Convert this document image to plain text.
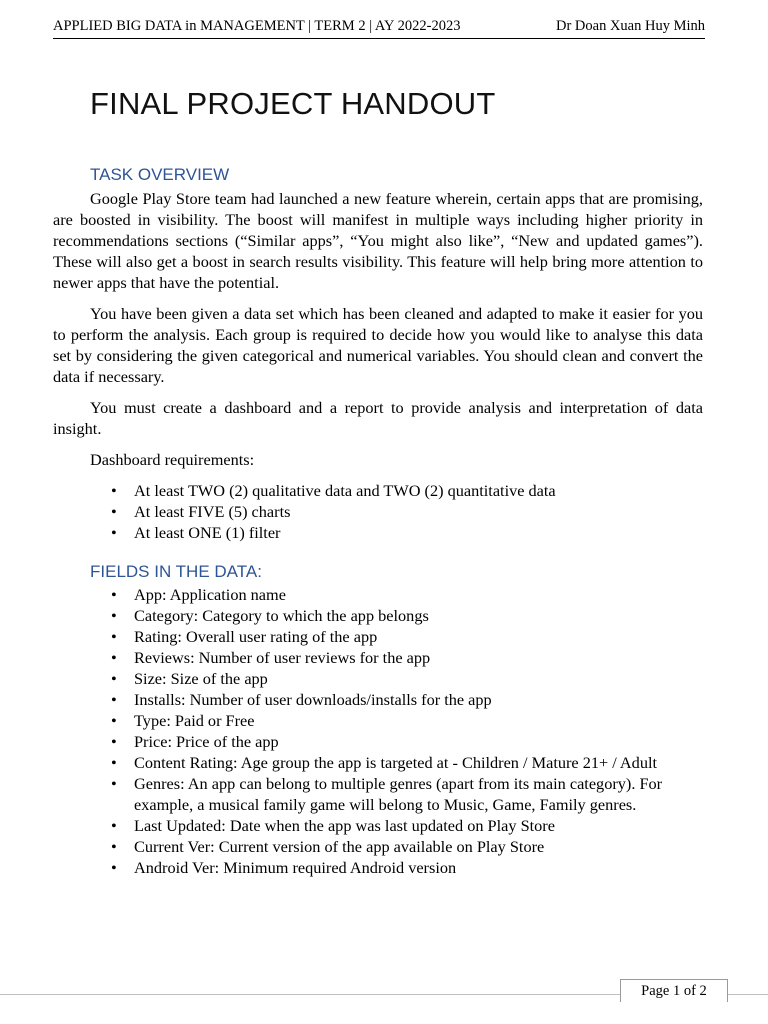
APPLIED BIG DATA in MANAGEMENT | TERM 2 | AY 2022-2023	Dr Doan Xuan Huy Minh
FINAL PROJECT HANDOUT
TASK OVERVIEW

Google Play Store team had launched a new feature wherein, certain apps that are promising, are boosted in visibility. The boost will manifest in multiple ways including higher priority in recommendations sections (“Similar apps”, “You might also like”, “New and updated games”). These will also get a boost in search results visibility. This feature will help bring more attention to newer apps that have the potential.

You have been given a data set which has been cleaned and adapted to make it easier for you to perform the analysis. Each group is required to decide how you would like to analyse this data set by considering the given categorical and numerical variables. You should clean and convert the data if necessary.

You must create a dashboard and a report to provide analysis and interpretation of data insight.

Dashboard requirements:

• At least TWO (2) qualitative data and TWO (2) quantitative data
• At least FIVE (5) charts
• At least ONE (1) filter
FIELDS IN THE DATA:
• App: Application name
• Category: Category to which the app belongs
• Rating: Overall user rating of the app
• Reviews: Number of user reviews for the app
• Size: Size of the app
• Installs: Number of user downloads/installs for the app
• Type: Paid or Free
• Price: Price of the app
• Content Rating: Age group the app is targeted at - Children / Mature 21+ / Adult
• Genres: An app can belong to multiple genres (apart from its main category). For example, a musical family game will belong to Music, Game, Family genres.
• Last Updated: Date when the app was last updated on Play Store
• Current Ver: Current version of the app available on Play Store
• Android Ver: Minimum required Android version
Page 1 of 2
